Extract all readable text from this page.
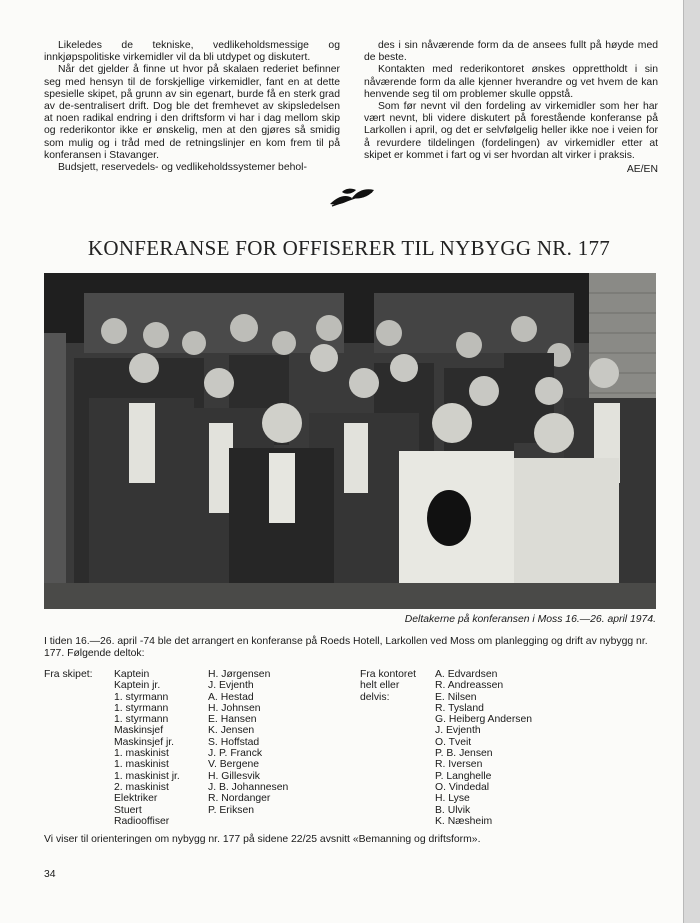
Likeledes de tekniske, vedlikeholdsmessige og innkjøpspolitiske virkemidler vil da bli utdypet og diskutert.

Når det gjelder å finne ut hvor på skalaen rederiet befinner seg med hensyn til de forskjellige virkemidler, fant en at dette spesielle skipet, på grunn av sin egenart, burde få en sterk grad av de-sentralisert drift. Dog ble det fremhevet av skipsledelsen at noen radikal endring i den driftsform vi har i dag mellom skip og rederikontor ikke er ønskelig, men at den gjøres så smidig som mulig og i tråd med de retningslinjer en kom frem til på konferansen i Stavanger.

Budsjett, reservedels- og vedlikeholdssystemer behol-

des i sin nåværende form da de ansees fullt på høyde med de beste.

Kontakten med rederikontoret ønskes opprettholdt i sin nåværende form da alle kjenner hverandre og vet hvem de kan henvende seg til om problemer skulle oppstå.

Som før nevnt vil den fordeling av virkemidler som her har vært nevnt, bli videre diskutert på forestående konferanse på Larkollen i april, og det er selvfølgelig heller ikke noe i veien for å revurdere tildelingen (fordelingen) av virkemidler etter at skipet er kommet i fart og vi ser hvordan alt virker i praksis.

AE/EN
KONFERANSE FOR OFFISERER TIL NYBYGG NR. 177
Deltakerne på konferansen i Moss 16.—26. april 1974.
I tiden 16.—26. april -74 ble det arrangert en konferanse på Roeds Hotell, Larkollen ved Moss om planlegging og drift av nybygg nr. 177. Følgende deltok:
Fra skipet: Kaptein
Kaptein jr.
1. styrmann
1. styrmann
1. styrmann
Maskinsjef
Maskinsjef jr.
1. maskinist
1. maskinist
1. maskinist jr.
2. maskinist
Elektriker
Stuert
Radiooffiser
H. Jørgensen
J. Evjenth
A. Hestad
H. Johnsen
E. Hansen
K. Jensen
S. Hoffstad
J. P. Franck
V. Bergene
H. Gillesvik
J. B. Johannesen
R. Nordanger
P. Eriksen
Fra kontoret
helt eller
delvis:
A. Edvardsen
R. Andreassen
E. Nilsen
R. Tysland
G. Heiberg Andersen
J. Evjenth
O. Tveit
P. B. Jensen
R. Iversen
P. Langhelle
O. Vindedal
H. Lyse
B. Ulvik
K. Næsheim
Vi viser til orienteringen om nybygg nr. 177 på sidene 22/25 avsnitt «Bemanning og driftsform».
34
